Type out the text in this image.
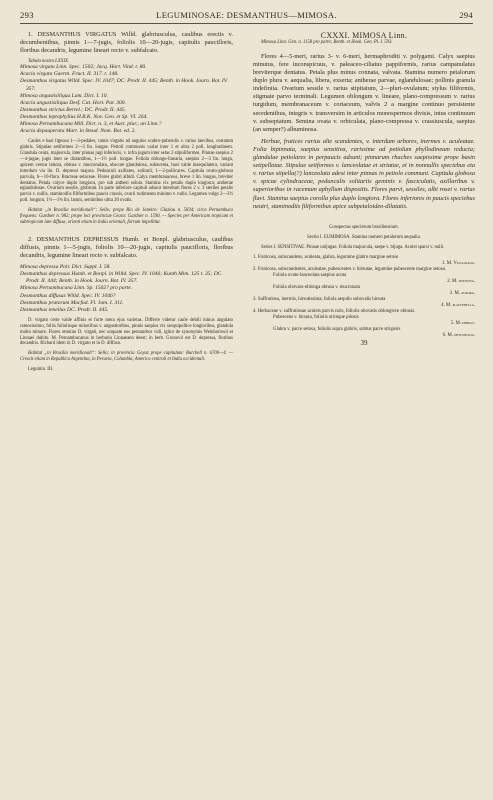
293	LEGUMINOSAE: DESMANTHUS—MIMOSA.	294

1. DESMANTHUS VIRGATUS Willd. glabriusculus, caulibus erectis v. decumbentibus, pinnis 1—7-jugis, foliolis 10—20-jugis, capitulis paucifloris, floribus decandris, legumine lineari recto v. subfalcato.

Tabula nostra LXXIX.

Mimosa virgata Linn. Spec. 1502; Jacq. Hort. Vind. t. 80.

Acacia virgata Gaertn. Fruct. II. 317. t. 148.

Desmanthus virgatus Willd. Spec. IV. 1047; DC. Prodr. II. 445; Benth. in Hook. Journ. Bot. IV. 357.

Mimosa angustisiliqua Lam. Dict. I. 10.

Acacia angustisiliqua Desf. Cat. Hort. Par. 300.

Desmanthus strictus Bertol.; DC. Prodr. II. 445.

Desmanthus leptophyllus H.B.K. Nov. Gen. et Sp. VI. 264.

Mimosa Pernambucana Mill. Dict. n. 3, et Auct. plur.; an Linn.?

Acacia depauperata Mart. in Steud. Nom. Bot. ed. 2.

Caules e basi lignosa 1—3-pedales, ramis virgatis ad angulos scabro-puberulis v. rarius laevibus, costatum glabris. Stipulae setiformes 2—3 lin. longae. Petioli communis variat inter 1 et ultra 2 poll. longitudinem. Glandula ovata, majuscula, inter pinnas jugi inferioris, v. infra jugum inter setas 2 stipuliformes. Pinnae saepius 2—4-jugae, jugis inter se distantibus, 1—1½ poll. longae. Foliola oblongo-linearia, saepius 2—3 lin. longa, apicem versus latiora, obtusa v. mucronulata, obscure glandulosa, subavenia, basi valde inaequilatera, variant interdum via lin. D. depressi majora. Pedunculi axillares, solitarii, 1—2-pollicares. Capitula ovato-globosa parvula, 6—10-flora. Bracteae setaceae. Flores glabri albidi. Calyx membranaceus, breve 1 lin. longus, breviter dentatus. Petala calyce duplo longiora, pro sub anthesi soluta. Stamina vix petalis duplo longiora; antherae eglandulosae. Ovarium sessile, globrum. In parte inferiore capituli adsunt interdum flores 2 v. 3 steriles petalis parvis v. nullis, staminodiis filiformibus paucis crassis, ovarii rudimento minimo v. nullo. Legumen vulgo 2—3½ poll. longum, 1½—1¾ lin. latum, seminibus ultra 20 ovatis.

Habitat „in Brasilia meridionali“: Sello; prope Rio de Janeiro: Glaziou n. 5834; circa Pernambuco frequens: Gardner n. 982; prope loci provinciae Ceara: Gardner n. 1590. — Species per Americam tropicam et subtropicam late diffusa, orienti etiam in India orientali, farrum impellitur.

2. DESMANTHUS DEPRESSUS Humb. et Bonpl. glabriusculus, caulibus diffusis, pinnis 1—5-jugis, foliolis 10—20-jugis, capitulis paucifloris, floribus decandris, legumine lineari recto v. subfalcato.

Mimosa depressa Poir. Dict. Suppl. I. 58.

Desmanthus depressus Humb. et Bonpl. in Willd. Spec. IV. 1046; Kunth Mim. 125 t. 35; DC. Prodr. II. 444; Benth. in Hook. Journ. Bot. IV. 357.

Mimosa Pernambucana Linn. Sp. 1502? pro parte.

Desmanthus diffusus Willd. Spec. IV. 1046?

Desmanthus pratorum Macfad. Fl. Jam. I. 311.

Desmanthus tenellus DC. Prodr. II. 445.

D. virgato certe valde affinis et forte mera ejus varietas. Differre videtur caule debili minus angulato ramosissimo, foliis foliolisque minoribus v. angustioribus, pinnis saepius vix sesquipollice longioribus, glandula multo minore. Flores omnino D. virgati, nec unquam eos pentandros vidi, igitur de synonymis Weinhorowii et Linnaei dubito. M. Pernambucanus in herbario Linnaeano deest; in herb. Gronovii est D. depressa, floribus decandris. Richard idem in D. virgato et in D. diffuso.

Habitat „in Brasilia meridionali“: Sello; in provincia Goyaz prope capitulum: Burchell n. 6700—4. — Crescit etiam in Republica Argentina, in Peruvia, Columbia, America centrali et India occidentali.

Legumin. III.

CXXXI. MIMOSA Linn.

Mimosa Linn. Gen. n. 1158 pro parte; Benth. et Hook. Gen. Pl. I. 593.

Flores 4—5-meri, rarius 3- v. 6-meri, hermaphroditi v. polygami. Calyx saepius minutus, fere inconspicuus, v. paleaceo-ciliatus pappiformis, rarius campanulatus breviterque dentatus. Petala plus minus connata, valvata. Stamina numero petalorum duplo plura v. aequalia, libera, exserta; antherae parvae, eglandulosae; pollinis granula indefinita. Ovarium sessile v. rarius stipitatum, 2—pluri-ovulatum; stylus filiformis, stigmate parvo terminali. Legumen oblongum v. lineare, plano-compressum v. rarius turgidum, membranaceum v. coriaceum, valvis 2 a margine continuo persistente secedentibus, integris v. transversim in articulos monospermos divisis, intus continuum v. subseptatum. Semina ovata v. orbiculata, plano-compressa v. crassiuscula, saepius (an semper?) albuminosa.

Herbae, frutices rarius alte scandentes, v. interdum arbores, inermes v. aculeatae. Folia bipinnata, saepius sensitiva, rarissime ad petiolum phyllodineum reducta; glandulae petiolares in perpaucis adsunt; pinnarum rhaches saepissime prope basin setipellatae. Stipulae setiformes v. lanceolatae et striatae, et in nonnullis speciebus eta v. rarius stipella(?) lanceolata adest inter pinnas in petiolo communi. Capitula globosa v. spicae cylindraceae, pedunculis solitariis geminis v. fasciculatis, axillaribus v. superioribus in racemum aphyllum dispositis. Flores parvi, sessiles, albi rosei v. rarius flavi. Stamina saepius corolla plus duplo longiora. Flores inferiores in paucis speciebus neutri, staminodiis filiformibus apice subpetaloideo-dilatatis.

Conspectus specierum brasiliensium.

Sectio I. EUMIMOSA. Stamina numero petalorum aequalia.

Series I. SENSITIVAE. Pinnae unijugae. Foliola majuscula, saepe v. bijuga. Aculei sparsi v. nulli.

1.
Fruticosa, subscandens, aculeata, glabra, legumine glabro margine setoso
1. M. Velloziana.
2.
Fruticosa, subscandentes, aculeatae, pubescentes v. hirsutae, legumine pubescente margine setoso.
Foliola ovato-lanceolata saepius acuta
2. M. sensitiva.
Foliola obovato-oblonga obtusa v. mucronata
3. M. aurora.
3.
Suffrutiosa, inermis, hirsutissima; foliola aequilo subovalis hirsuta
4. M. platyphylla.
4.
Herbaceae v. suffrutiosae aculeis parvis raris, foliolis obovatis oblongisve obtusis.
Pubescens v. hirsuta, foliolis utrinque pilosis
5. M. debilis.
Glabra v. parce setosa, foliolis supra glabris, subtus parce strigosis
6. M. obtusifolia.

39
